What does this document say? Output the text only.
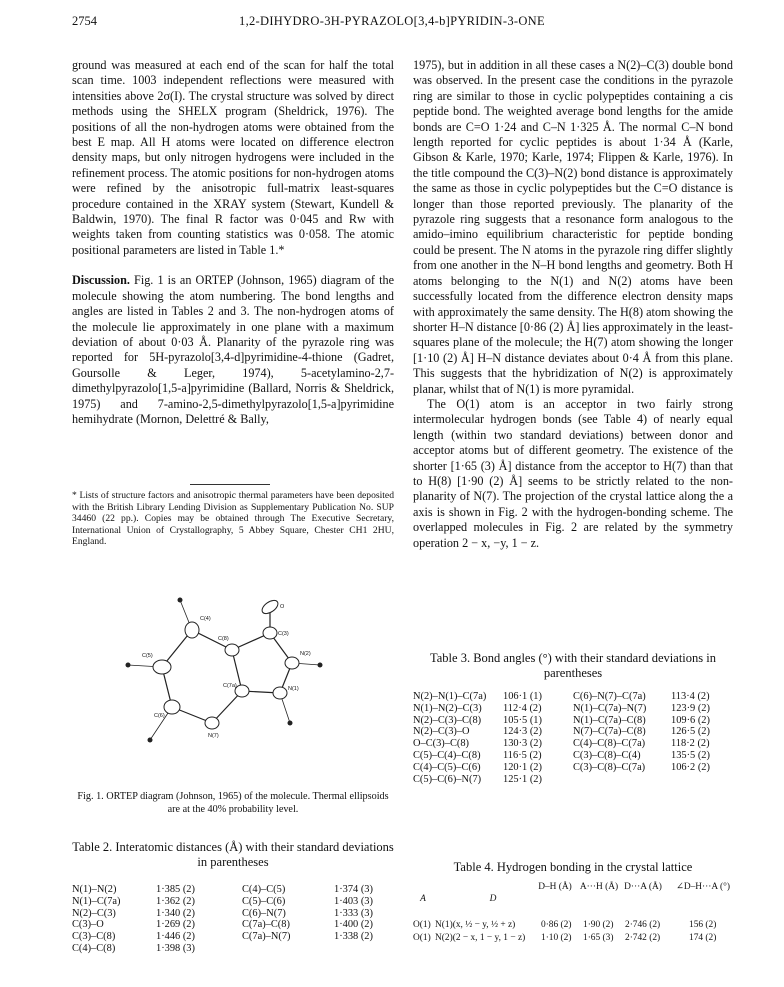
2754	1,2-DIHYDRO-3H-PYRAZOLO[3,4-b]PYRIDIN-3-ONE

ground was measured at each end of the scan for half the total scan time. 1003 independent reflections were measured with intensities above 2σ(I). The crystal structure was solved by direct methods using the SHELX program (Sheldrick, 1976). The positions of all the non-hydrogen atoms were obtained from the best E map. All H atoms were located on difference electron density maps, but only nitrogen hydrogens were included in the refinement process. The atomic positions for non-hydrogen atoms were refined by the anisotropic full-matrix least-squares procedure contained in the XRAY system (Stewart, Kundell & Baldwin, 1970). The final R factor was 0·045 and Rw with weights taken from counting statistics was 0·058. The atomic positional parameters are listed in Table 1.*

Discussion. Fig. 1 is an ORTEP (Johnson, 1965) diagram of the molecule showing the atom numbering. The bond lengths and angles are listed in Tables 2 and 3. The non-hydrogen atoms of the molecule lie approximately in one plane with a maximum deviation of about 0·03 Å. Planarity of the pyrazole ring was reported for 5H-pyrazolo[3,4-d]pyrimidine-4-thione (Gadret, Goursolle & Leger, 1974), 5-acetylamino-2,7-dimethylpyrazolo[1,5-a]pyrimidine (Ballard, Norris & Sheldrick, 1975) and 7-amino-2,5-dimethylpyrazolo[1,5-a]pyrimidine hemihydrate (Mornon, Delettré & Bally,

* Lists of structure factors and anisotropic thermal parameters have been deposited with the British Library Lending Division as Supplementary Publication No. SUP 34460 (22 pp.). Copies may be obtained through The Executive Secretary, International Union of Crystallography, 5 Abbey Square, Chester CH1 2HU, England.

1975), but in addition in all these cases a N(2)–C(3) double bond was observed. In the present case the conditions in the pyrazole ring are similar to those in cyclic polypeptides containing a cis peptide bond. The weighted average bond lengths for the amide bonds are C=O 1·24 and C–N 1·325 Å. The normal C–N bond length reported for cyclic peptides is about 1·34 Å (Karle, Gibson & Karle, 1970; Karle, 1974; Flippen & Karle, 1976). In the title compound the C(3)–N(2) bond distance is approximately the same as those in cyclic polypeptides but the C=O distance is longer than those reported previously. The planarity of the pyrazole ring suggests that a resonance form analogous to the amido–imino equilibrium characteristic for peptide bonding could be present. The N atoms in the pyrazole ring differ slightly from one another in the N–H bond lengths and geometry. Both H atoms belonging to the N(1) and N(2) atoms have been successfully located from the difference electron density maps with approximately the same density. The H(8) atom showing the shorter H–N distance [0·86 (2) Å] lies approximately in the least-squares plane of the molecule; the H(7) atom showing the longer [1·10 (2) Å] H–N distance deviates about 0·4 Å from this plane. This suggests that the hybridization of N(2) is approximately planar, whilst that of N(1) is more pyramidal.

The O(1) atom is an acceptor in two fairly strong intermolecular hydrogen bonds (see Table 4) of nearly equal length (within two standard deviations) between donor and acceptor atoms but of different geometry. The existence of the shorter [1·65 (3) Å] distance from the acceptor to H(7) than that to H(8) [1·90 (2) Å] seems to be strictly related to the non-planarity of N(7). The projection of the crystal lattice along the a axis is shown in Fig. 2 with the hydrogen-bonding scheme. The overlapped molecules in Fig. 2 are related by the symmetry operation 2 − x, −y, 1 − z.

O
C(4)
C(3)
C(8)
C(5)	N(2)
C(7a)	N(1)
C(6)
N(7)
Fig. 1. ORTEP diagram (Johnson, 1965) of the molecule. Thermal ellipsoids are at the 40% probability level.
Table 2. Interatomic distances (Å) with their standard deviations in parentheses
N(1)–N(2)	1·385 (2)	C(4)–C(5)	1·374 (3)
N(1)–C(7a)	1·362 (2)	C(5)–C(6)	1·403 (3)
N(2)–C(3)	1·340 (2)	C(6)–N(7)	1·333 (3)
C(3)–O	1·269 (2)	C(7a)–C(8)	1·400 (2)
C(3)–C(8)	1·446 (2)	C(7a)–N(7)	1·338 (2)
C(4)–C(8)	1·398 (3)
Table 3. Bond angles (°) with their standard deviations in parentheses
N(2)–N(1)–C(7a) 106·1 (1)	C(6)–N(7)–C(7a) 113·4 (2)
N(1)–N(2)–C(3) 112·4 (2)	N(1)–C(7a)–N(7) 123·9 (2)
N(2)–C(3)–C(8) 105·5 (1)	N(1)–C(7a)–C(8) 109·6 (2)
N(2)–C(3)–O	124·3 (2)	N(7)–C(7a)–C(8) 126·5 (2)
O–C(3)–C(8)	130·3 (2)	C(4)–C(8)–C(7a) 118·2 (2)
C(5)–C(4)–C(8) 116·5 (2)	C(3)–C(8)–C(4)	135·5 (2)
C(4)–C(5)–C(6) 120·1 (2)	C(3)–C(8)–C(7a) 106·2 (2)
C(5)–C(6)–N(7) 125·1 (2)
Table 4. Hydrogen bonding in the crystal lattice
A	D
D–H (Å) A···H (Å) D···A (Å)	∠D–H···A (°)
O(1) N(1)(x, ½ − y, ½ + z)	0·86 (2) 1·90 (2) 2·746 (2)	156 (2)
O(1) N(2)(2 − x, 1 − y, 1 − z) 1·10 (2) 1·65 (3) 2·742 (2)	174 (2)
